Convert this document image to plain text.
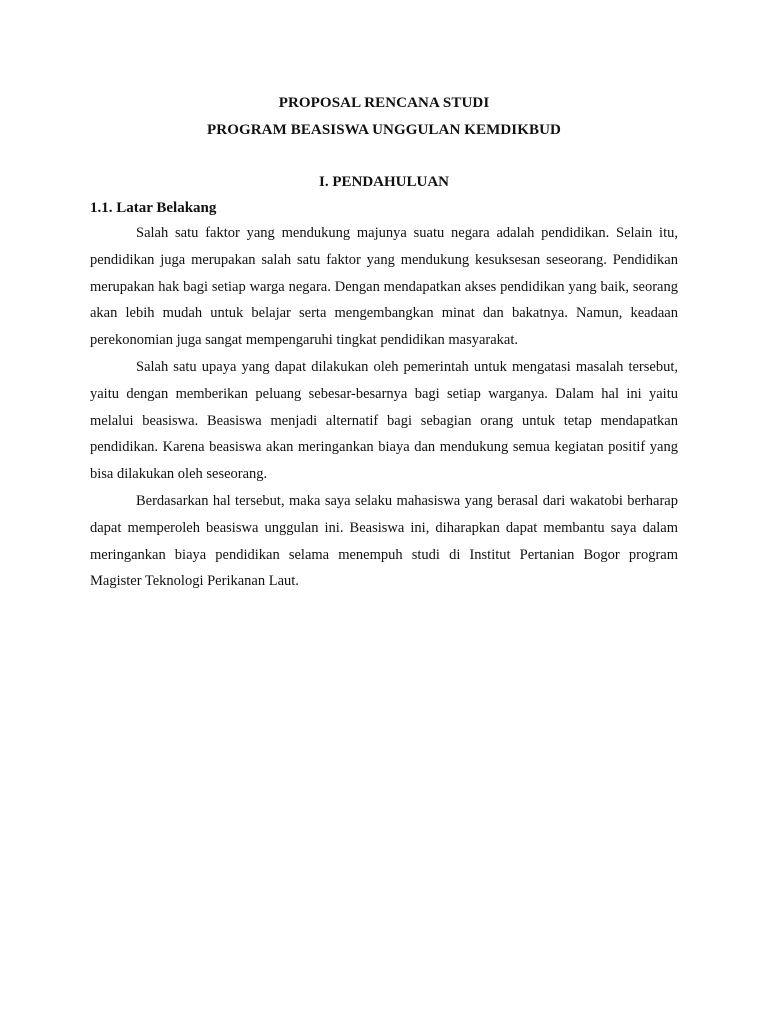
PROPOSAL RENCANA STUDI

PROGRAM BEASISWA UNGGULAN KEMDIKBUD

I. PENDAHULUAN

1.1. Latar Belakang

Salah satu faktor yang mendukung majunya suatu negara adalah pendidikan. Selain itu, pendidikan juga merupakan salah satu faktor yang mendukung kesuksesan seseorang. Pendidikan merupakan hak bagi setiap warga negara. Dengan mendapatkan akses pendidikan yang baik, seorang akan lebih mudah untuk belajar serta mengembangkan minat dan bakatnya. Namun, keadaan perekonomian juga sangat mempengaruhi tingkat pendidikan masyarakat.

Salah satu upaya yang dapat dilakukan oleh pemerintah untuk mengatasi masalah tersebut, yaitu dengan memberikan peluang sebesar-besarnya bagi setiap warganya. Dalam hal ini yaitu melalui beasiswa. Beasiswa menjadi alternatif bagi sebagian orang untuk tetap mendapatkan pendidikan. Karena beasiswa akan meringankan biaya dan mendukung semua kegiatan positif yang bisa dilakukan oleh seseorang.

Berdasarkan hal tersebut, maka saya selaku mahasiswa yang berasal dari wakatobi berharap dapat memperoleh beasiswa unggulan ini. Beasiswa ini, diharapkan dapat membantu saya dalam meringankan biaya pendidikan selama menempuh studi di Institut Pertanian Bogor program Magister Teknologi Perikanan Laut.
